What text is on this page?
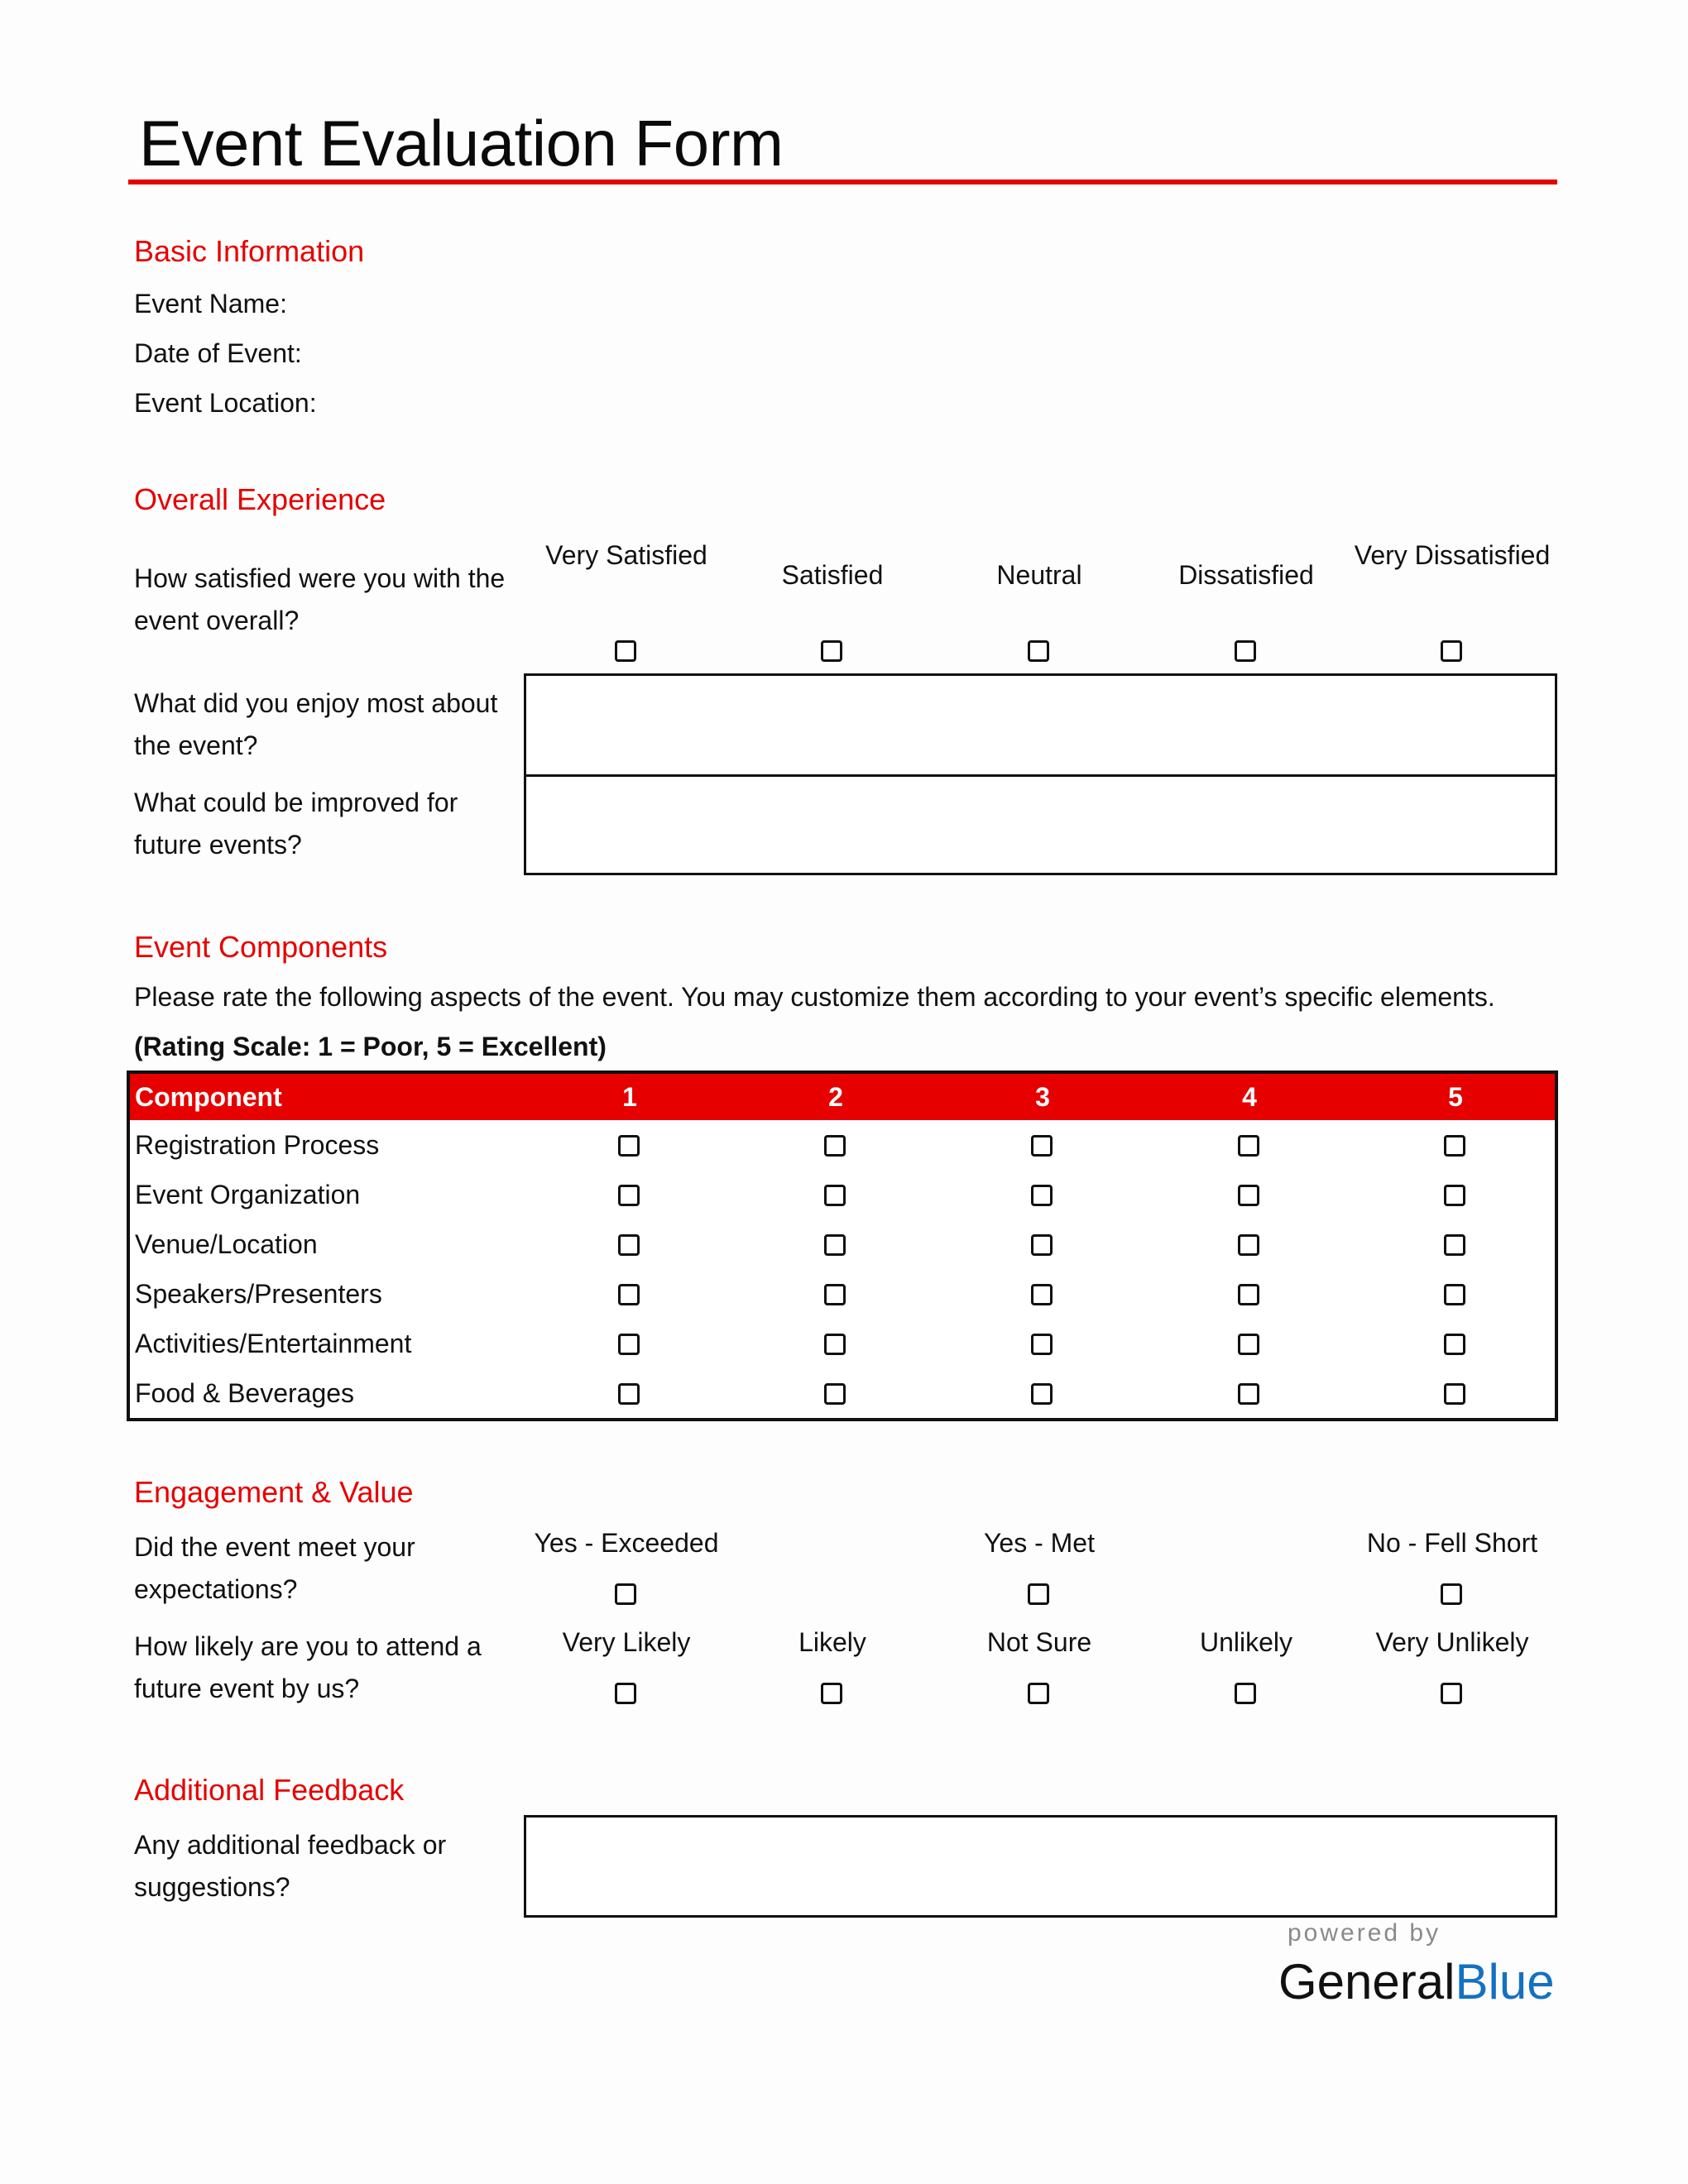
Event Evaluation Form
Basic Information
Event Name:
Date of Event:
Event Location:
Overall Experience
How satisfied were you with the event overall?
Very Satisfied
Satisfied	Neutral	Dissatisfied
Very Dissatisfied
What did you enjoy most about the event?
What could be improved for future events?
Event Components
Please rate the following aspects of the event. You may customize them according to your event’s specific elements.
(Rating Scale: 1 = Poor, 5 = Excellent)
Component	1	2	3	4	5
Registration Process
Event Organization
Venue/Location
Speakers/Presenters
Activities/Entertainment
Food & Beverages
Engagement & Value
Did the event meet your expectations?
Yes - Exceeded	Yes - Met	No - Fell Short
How likely are you to attend a future event by us?
Very Likely	Likely	Not Sure	Unlikely	Very Unlikely
Additional Feedback
Any additional feedback or suggestions?
powered by
GeneralBlue
